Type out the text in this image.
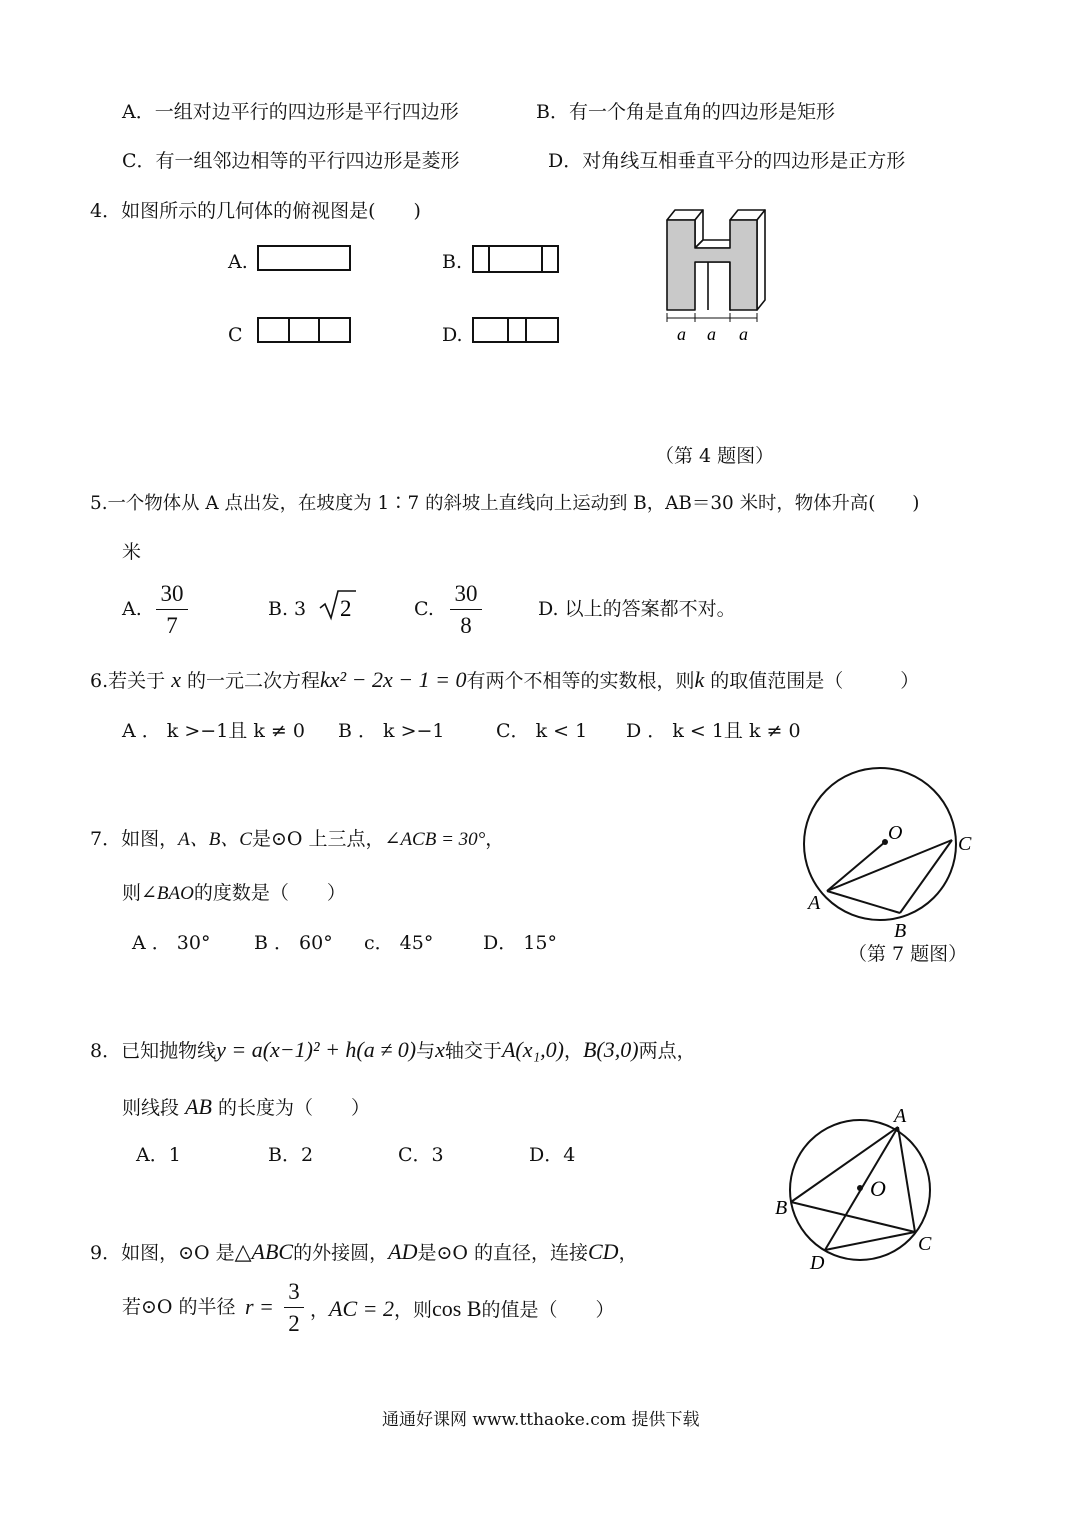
A．一组对边平行的四边形是平行四边形	B．有一个角是直角的四边形是矩形
C．有一组邻边相等的平行四边形是菱形	D．对角线互相垂直平分的四边形是正方形
4．如图所示的几何体的俯视图是(　　)
A.	B.
C	D.	a a a
（第 4 题图）
5.一个物体从 A 点出发，在坡度为 1∶7 的斜坡上直线向上运动到 B，AB＝30 米时，物体升高(　　)
米
A.
30
7
B. 3 2	C.
30
8
D. 以上的答案都不对。
6.若关于 x 的一元二次方程kx² − 2x − 1 = 0有两个不相等的实数根，则k 的取值范围是（　　　）
A ． k >−1且 k ≠ 0 B ． k >−1	C． k < 1 D ． k < 1且 k ≠ 0
7．如图，A、B、C是⊙O 上三点，∠ACB = 30°，
则∠BAO的度数是（　　）
A ． 30° B ． 60° c． 45°	D． 15°
O	C
A
B
（第 7 题图）
8．已知抛物线y = a(x−1)² + h(a ≠ 0)与x轴交于A(x₁,0)，B(3,0)两点，
则线段 AB 的长度为（　　）
A．1	B．2	C．3	D．4
A
O
B
C
D
9．如图，⊙O 是△ABC的外接圆，AD是⊙O 的直径，连接CD，
若⊙O 的半径 r =
3
2
，AC = 2，则cos B的值是（　　）
通通好课网 www.tthaoke.com 提供下载
